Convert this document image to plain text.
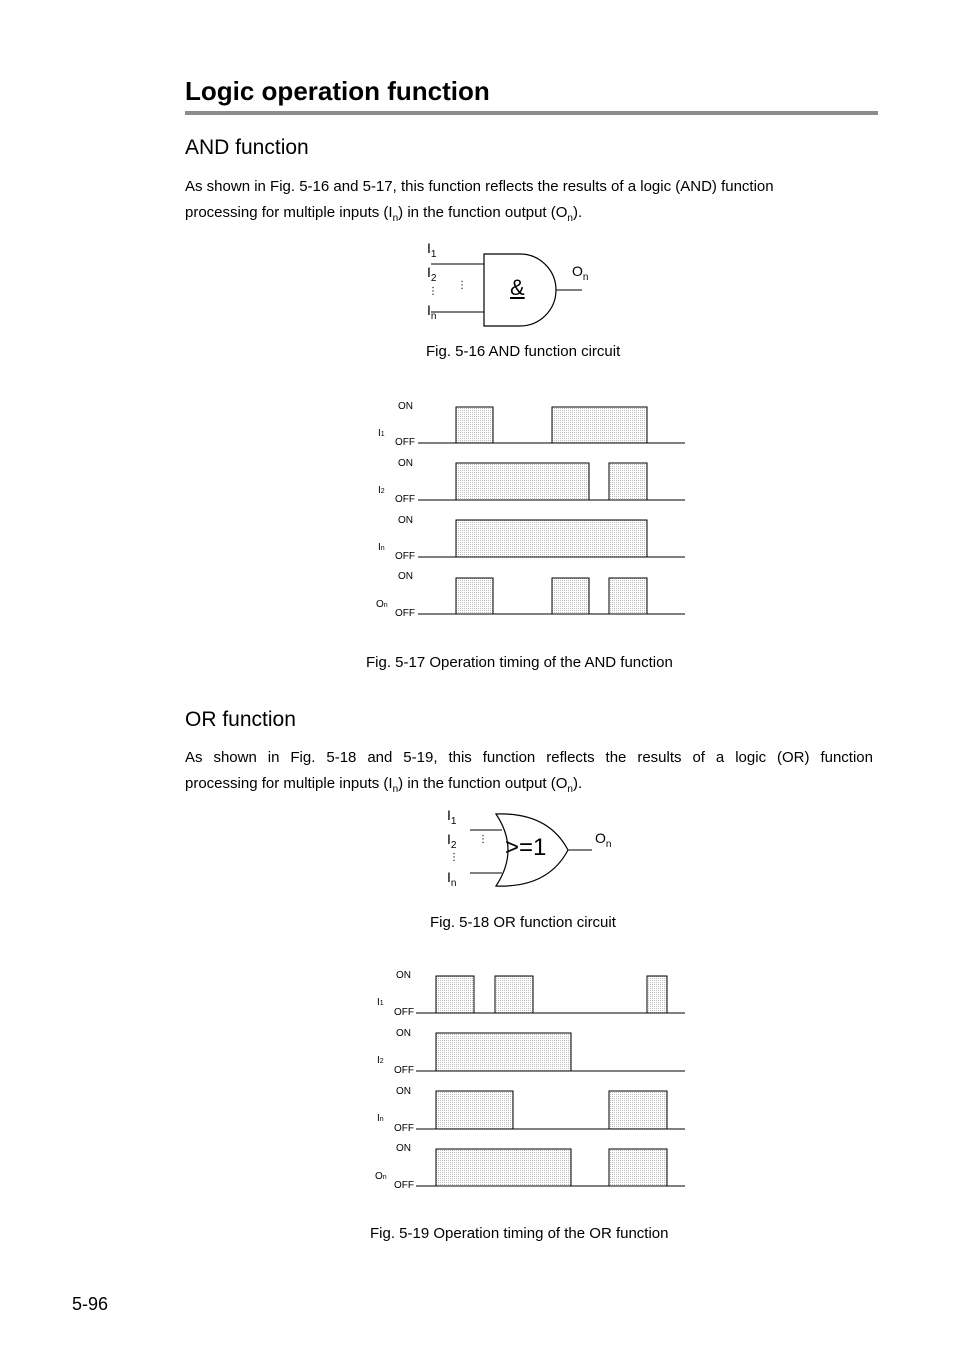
Logic operation function
AND function
As shown in Fig. 5-16 and 5-17, this function reflects the results of a logic (AND) function
processing for multiple inputs $(I_n)$ in the function output $(O_n)$.
$I_1$
$I_2$
⋮
$I_n$
⋮ &
$O_n$
Fig. 5-16 AND function circuit
ON
OFF
I1
ON
OFF
I2
ON
OFF
In
ON
OFF
On
Fig. 5-17 Operation timing of the AND function
OR function
As shown in Fig. 5-18 and 5-19, this function reflects the results of a logic (OR) function
processing for multiple inputs $(I_n)$ in the function output $(O_n)$.
$I_1$
$I_2$
⋮
$I_n$
⋮ >=1	$O_n$
Fig. 5-18 OR function circuit
ON
OFF
I1
ON
OFF
I2
ON
OFF
In
ON
OFF
On
Fig. 5-19 Operation timing of the OR function
5-96
